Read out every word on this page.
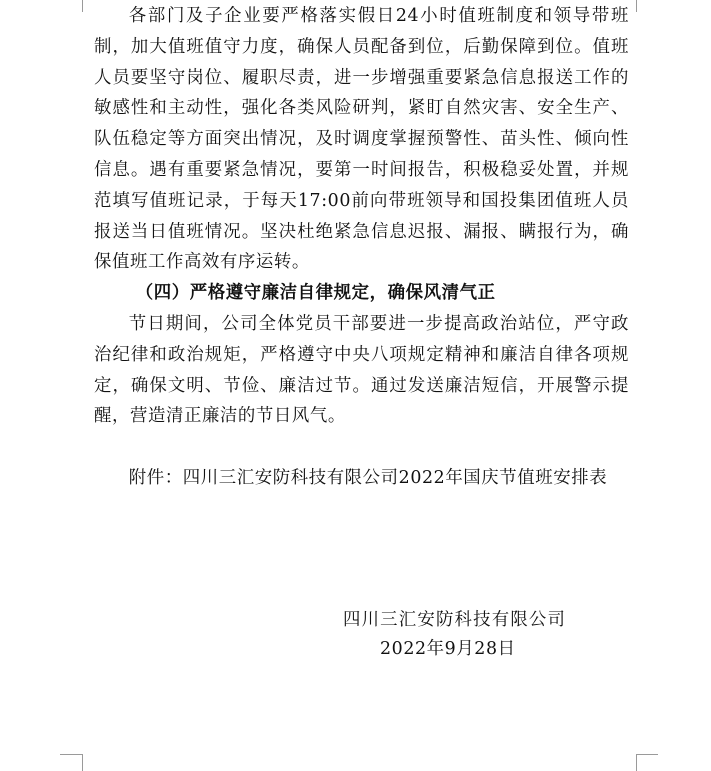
各部门及子企业要严格落实假日24小时值班制度和领导带班制，加大值班值守力度，确保人员配备到位，后勤保障到位。值班人员要坚守岗位、履职尽责，进一步增强重要紧急信息报送工作的敏感性和主动性，强化各类风险研判，紧盯自然灾害、安全生产、队伍稳定等方面突出情况，及时调度掌握预警性、苗头性、倾向性信息。遇有重要紧急情况，要第一时间报告，积极稳妥处置，并规范填写值班记录，于每天17:00前向带班领导和国投集团值班人员报送当日值班情况。坚决杜绝紧急信息迟报、漏报、瞒报行为，确保值班工作高效有序运转。

（四）严格遵守廉洁自律规定，确保风清气正

节日期间，公司全体党员干部要进一步提高政治站位，严守政治纪律和政治规矩，严格遵守中央八项规定精神和廉洁自律各项规定，确保文明、节俭、廉洁过节。通过发送廉洁短信，开展警示提醒，营造清正廉洁的节日风气。

附件：四川三汇安防科技有限公司2022年国庆节值班安排表

四川三汇安防科技有限公司
2022年9月28日
